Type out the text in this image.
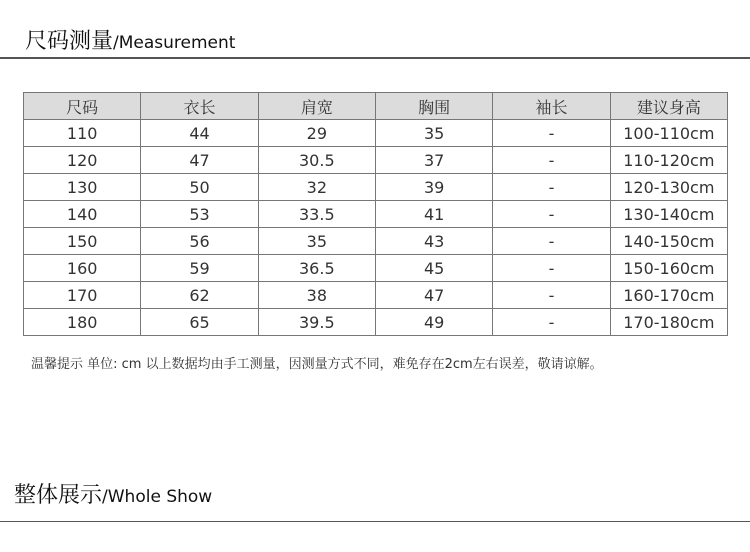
尺码测量/Measurement
尺码	衣长	肩宽	胸围	袖长	建议身高
110	44	29	35	-	100-110cm
120	47	30.5	37	-	110-120cm
130	50	32	39	-	120-130cm
140	53	33.5	41	-	130-140cm
150	56	35	43	-	140-150cm
160	59	36.5	45	-	150-160cm
170	62	38	47	-	160-170cm
180	65	39.5	49	-	170-180cm
温馨提示 单位: cm 以上数据均由手工测量，因测量方式不同，难免存在2cm左右误差，敬请谅解。
整体展示/Whole Show
